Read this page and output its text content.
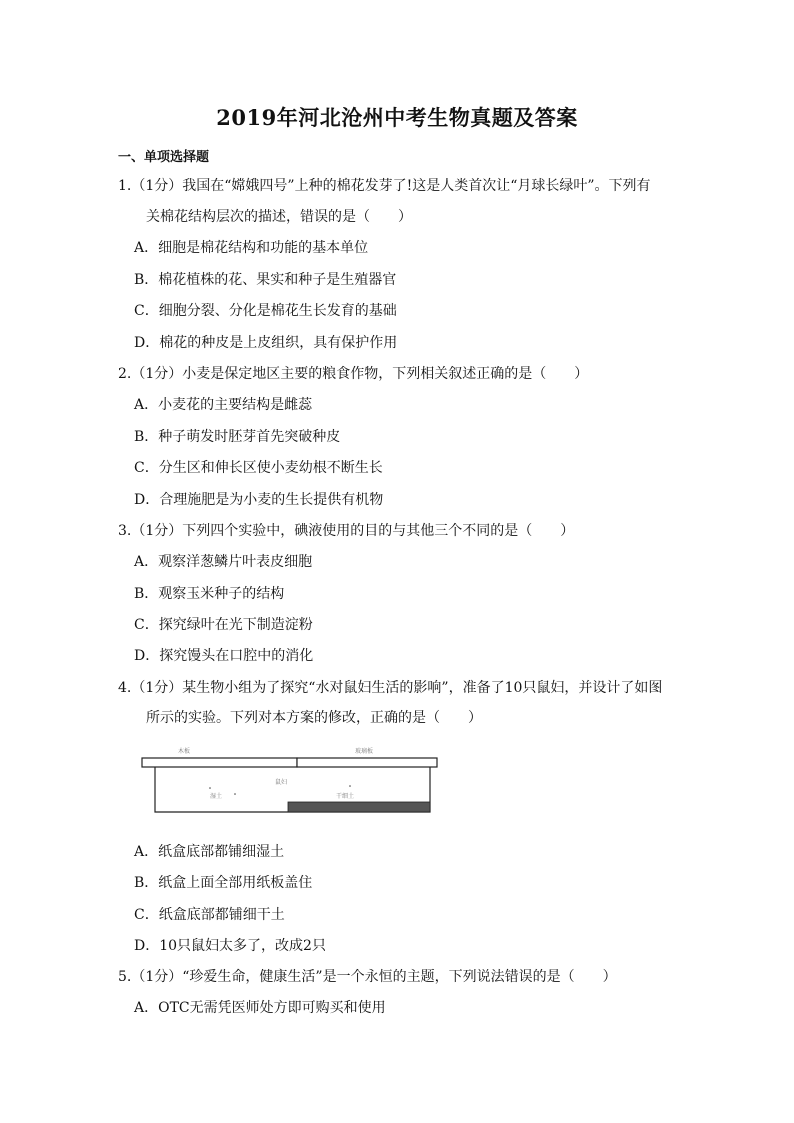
2019年河北沧州中考生物真题及答案
一、单项选择题
1.（1分）我国在“嫦娥四号”上种的棉花发芽了!这是人类首次让“月球长绿叶”。下列有
关棉花结构层次的描述，错误的是（　　）
A．细胞是棉花结构和功能的基本单位
B．棉花植株的花、果实和种子是生殖器官
C．细胞分裂、分化是棉花生长发育的基础
D．棉花的种皮是上皮组织，具有保护作用
2.（1分）小麦是保定地区主要的粮食作物，下列相关叙述正确的是（　　）
A．小麦花的主要结构是雌蕊
B．种子萌发时胚芽首先突破种皮
C．分生区和伸长区使小麦幼根不断生长
D．合理施肥是为小麦的生长提供有机物
3.（1分）下列四个实验中，碘液使用的目的与其他三个不同的是（　　）
A．观察洋葱鳞片叶表皮细胞
B．观察玉米种子的结构
C．探究绿叶在光下制造淀粉
D．探究馒头在口腔中的消化
4.（1分）某生物小组为了探究“水对鼠妇生活的影响”，准备了10只鼠妇，并设计了如图
所示的实验。下列对本方案的修改，正确的是（　　）
木板	玻璃板
鼠妇
湿土	干细土
A．纸盒底部都铺细湿土
B．纸盒上面全部用纸板盖住
C．纸盒底部都铺细干土
D．10只鼠妇太多了，改成2只
5.（1分）“珍爱生命，健康生活”是一个永恒的主题，下列说法错误的是（　　）
A．OTC无需凭医师处方即可购买和使用
